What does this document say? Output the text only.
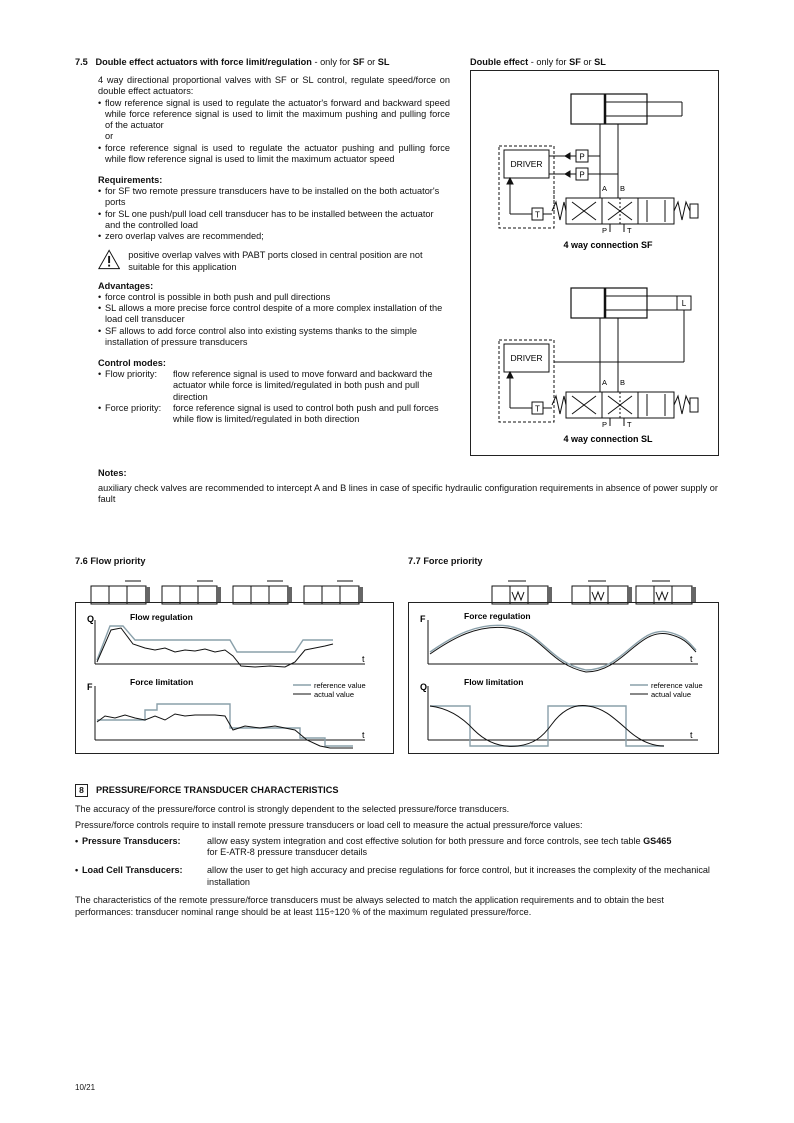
7.5 Double effect actuators with force limit/regulation - only for SF or SL

4 way directional proportional valves with SF or SL control, regulate speed/force on double effect actuators:

• flow reference signal is used to regulate the actuator's forward and backward speed while force reference signal is used to limit the maximum pushing and pulling force of the actuator

or

• force reference signal is used to regulate the actuator pushing and pulling force while flow reference signal is used to limit the maximum actuator speed

Requirements:

• for SF two remote pressure transducers have to be installed on the both actuator's ports

• for SL one push/pull load cell transducer has to be installed between the actuator and the controlled load

• zero overlap valves are recommended;

positive overlap valves with PABT ports closed in central position are not suitable for this application

Advantages:

• force control is possible in both push and pull directions

• SL allows a more precise force control despite of a more complex installation of the load cell transducer

• SF allows to add force control also into existing systems thanks to the simple installation of pressure transducers

Control modes:

• Flow priority:	flow reference signal is used to move forward and backward the actuator while force is limited/regulated in both push and pull direction
• Force priority:	force reference signal is used to control both push and pull forces while flow is limited/regulated in both direction

Notes:

auxiliary check valves are recommended to intercept A and B lines in case of specific hydraulic configuration requirements in absence of power supply or fault

Double effect - only for SF or SL
P
P
DRIVER
T
A B
P	T
4 way connection SF
L
DRIVER
T
A B
P	T
4 way connection SL
7.6 Flow priority
Q
t
Flow regulation
F
t
Force limitation	reference value
actual value
7.7 Force priority
F
t
Force regulation
Q
t
Flow limitation	reference value
actual value
8	PRESSURE/FORCE TRANSDUCER CHARACTERISTICS

The accuracy of the pressure/force control is strongly dependent to the selected pressure/force transducers.

Pressure/force controls require to install remote pressure transducers or load cell to measure the actual pressure/force values:

• Pressure Transducers:	allow easy system integration and cost effective solution for both pressure and force controls, see tech table GS465
for E-ATR-8 pressure transducer details
• Load Cell Transducers:	allow the user to get high accuracy and precise regulations for force control, but it increases the complexity of the mechanical installation

The characteristics of the remote pressure/force transducers must be always selected to match the application requirements and to obtain the best performances: transducer nominal range should be at least 115÷120 % of the maximum regulated pressure/force.

10/21
